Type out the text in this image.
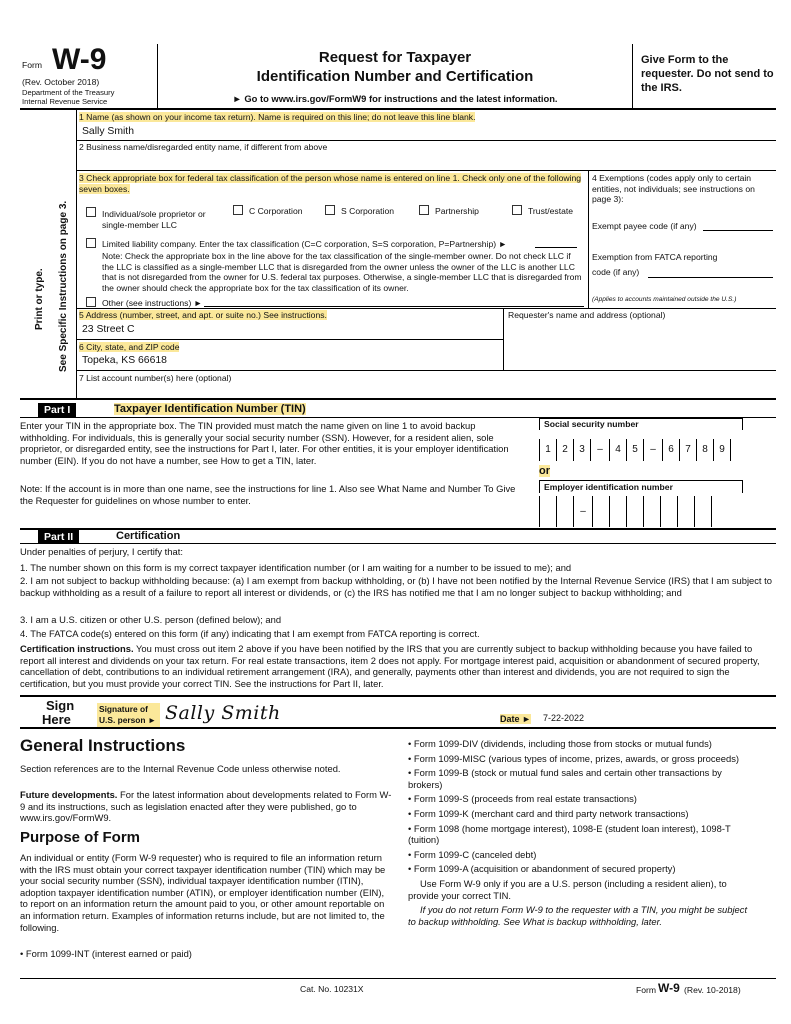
Form W-9
(Rev. October 2018)
Department of the Treasury
Internal Revenue Service
Request for Taxpayer
Identification Number and Certification
► Go to www.irs.gov/FormW9 for instructions and the latest information.
Give Form to the requester. Do not send to the IRS.
Print or type. See Specific Instructions on page 3.
1 Name (as shown on your income tax return). Name is required on this line; do not leave this line blank.
Sally Smith
2 Business name/disregarded entity name, if different from above
3 Check appropriate box for federal tax classification of the person whose name is entered on line 1. Check only one of the following seven boxes.
Individual/sole proprietor or single-member LLC
C Corporation	S Corporation	Partnership	Trust/estate
Limited liability company. Enter the tax classification (C=C corporation, S=S corporation, P=Partnership) ►
Note: Check the appropriate box in the line above for the tax classification of the single-member owner. Do not check LLC if the LLC is classified as a single-member LLC that is disregarded from the owner unless the owner of the LLC is another LLC that is not disregarded from the owner for U.S. federal tax purposes. Otherwise, a single-member LLC that is disregarded from the owner should check the appropriate box for the tax classification of its owner.
Other (see instructions) ►
4 Exemptions (codes apply only to certain entities, not individuals; see instructions on page 3):
Exempt payee code (if any)
Exemption from FATCA reporting
code (if any)
(Applies to accounts maintained outside the U.S.)
5 Address (number, street, and apt. or suite no.) See instructions.
23 Street C
Requester's name and address (optional)
6 City, state, and ZIP code
Topeka, KS 66618
7 List account number(s) here (optional)
Part I	Taxpayer Identification Number (TIN)
Enter your TIN in the appropriate box. The TIN provided must match the name given on line 1 to avoid backup withholding. For individuals, this is generally your social security number (SSN). However, for a resident alien, sole proprietor, or disregarded entity, see the instructions for Part I, later. For other entities, it is your employer identification number (EIN). If you do not have a number, see How to get a TIN, later.
Note: If the account is in more than one name, see the instructions for line 1. Also see What Name and Number To Give the Requester for guidelines on whose number to enter.
Social security number
1	2	3	–	4	5	–	6	7	8	9
or
Employer identification number
–
Part II	Certification
Under penalties of perjury, I certify that:
1. The number shown on this form is my correct taxpayer identification number (or I am waiting for a number to be issued to me); and
2. I am not subject to backup withholding because: (a) I am exempt from backup withholding, or (b) I have not been notified by the Internal Revenue Service (IRS) that I am subject to backup withholding as a result of a failure to report all interest or dividends, or (c) the IRS has notified me that I am no longer subject to backup withholding; and
3. I am a U.S. citizen or other U.S. person (defined below); and
4. The FATCA code(s) entered on this form (if any) indicating that I am exempt from FATCA reporting is correct.
Certification instructions. You must cross out item 2 above if you have been notified by the IRS that you are currently subject to backup withholding because you have failed to report all interest and dividends on your tax return. For real estate transactions, item 2 does not apply. For mortgage interest paid, acquisition or abandonment of secured property, cancellation of debt, contributions to an individual retirement arrangement (IRA), and generally, payments other than interest and dividends, you are not required to sign the certification, but you must provide your correct TIN. See the instructions for Part II, later.
Sign
Here
Signature of
U.S. person ► Sally Smith	Date ► 7-22-2022
General Instructions
Section references are to the Internal Revenue Code unless otherwise noted.
Future developments. For the latest information about developments related to Form W-9 and its instructions, such as legislation enacted after they were published, go to www.irs.gov/FormW9.
Purpose of Form
An individual or entity (Form W-9 requester) who is required to file an information return with the IRS must obtain your correct taxpayer identification number (TIN) which may be your social security number (SSN), individual taxpayer identification number (ITIN), adoption taxpayer identification number (ATIN), or employer identification number (EIN), to report on an information return the amount paid to you, or other amount reportable on an information return. Examples of information returns include, but are not limited to, the following.
• Form 1099-INT (interest earned or paid)
• Form 1099-DIV (dividends, including those from stocks or mutual funds)
• Form 1099-MISC (various types of income, prizes, awards, or gross proceeds)
• Form 1099-B (stock or mutual fund sales and certain other transactions by brokers)
• Form 1099-S (proceeds from real estate transactions)
• Form 1099-K (merchant card and third party network transactions)
• Form 1098 (home mortgage interest), 1098-E (student loan interest), 1098-T (tuition)
• Form 1099-C (canceled debt)
• Form 1099-A (acquisition or abandonment of secured property)
Use Form W-9 only if you are a U.S. person (including a resident alien), to provide your correct TIN.
If you do not return Form W-9 to the requester with a TIN, you might be subject to backup withholding. See What is backup withholding, later.
Cat. No. 10231X	Form W-9 (Rev. 10-2018)
